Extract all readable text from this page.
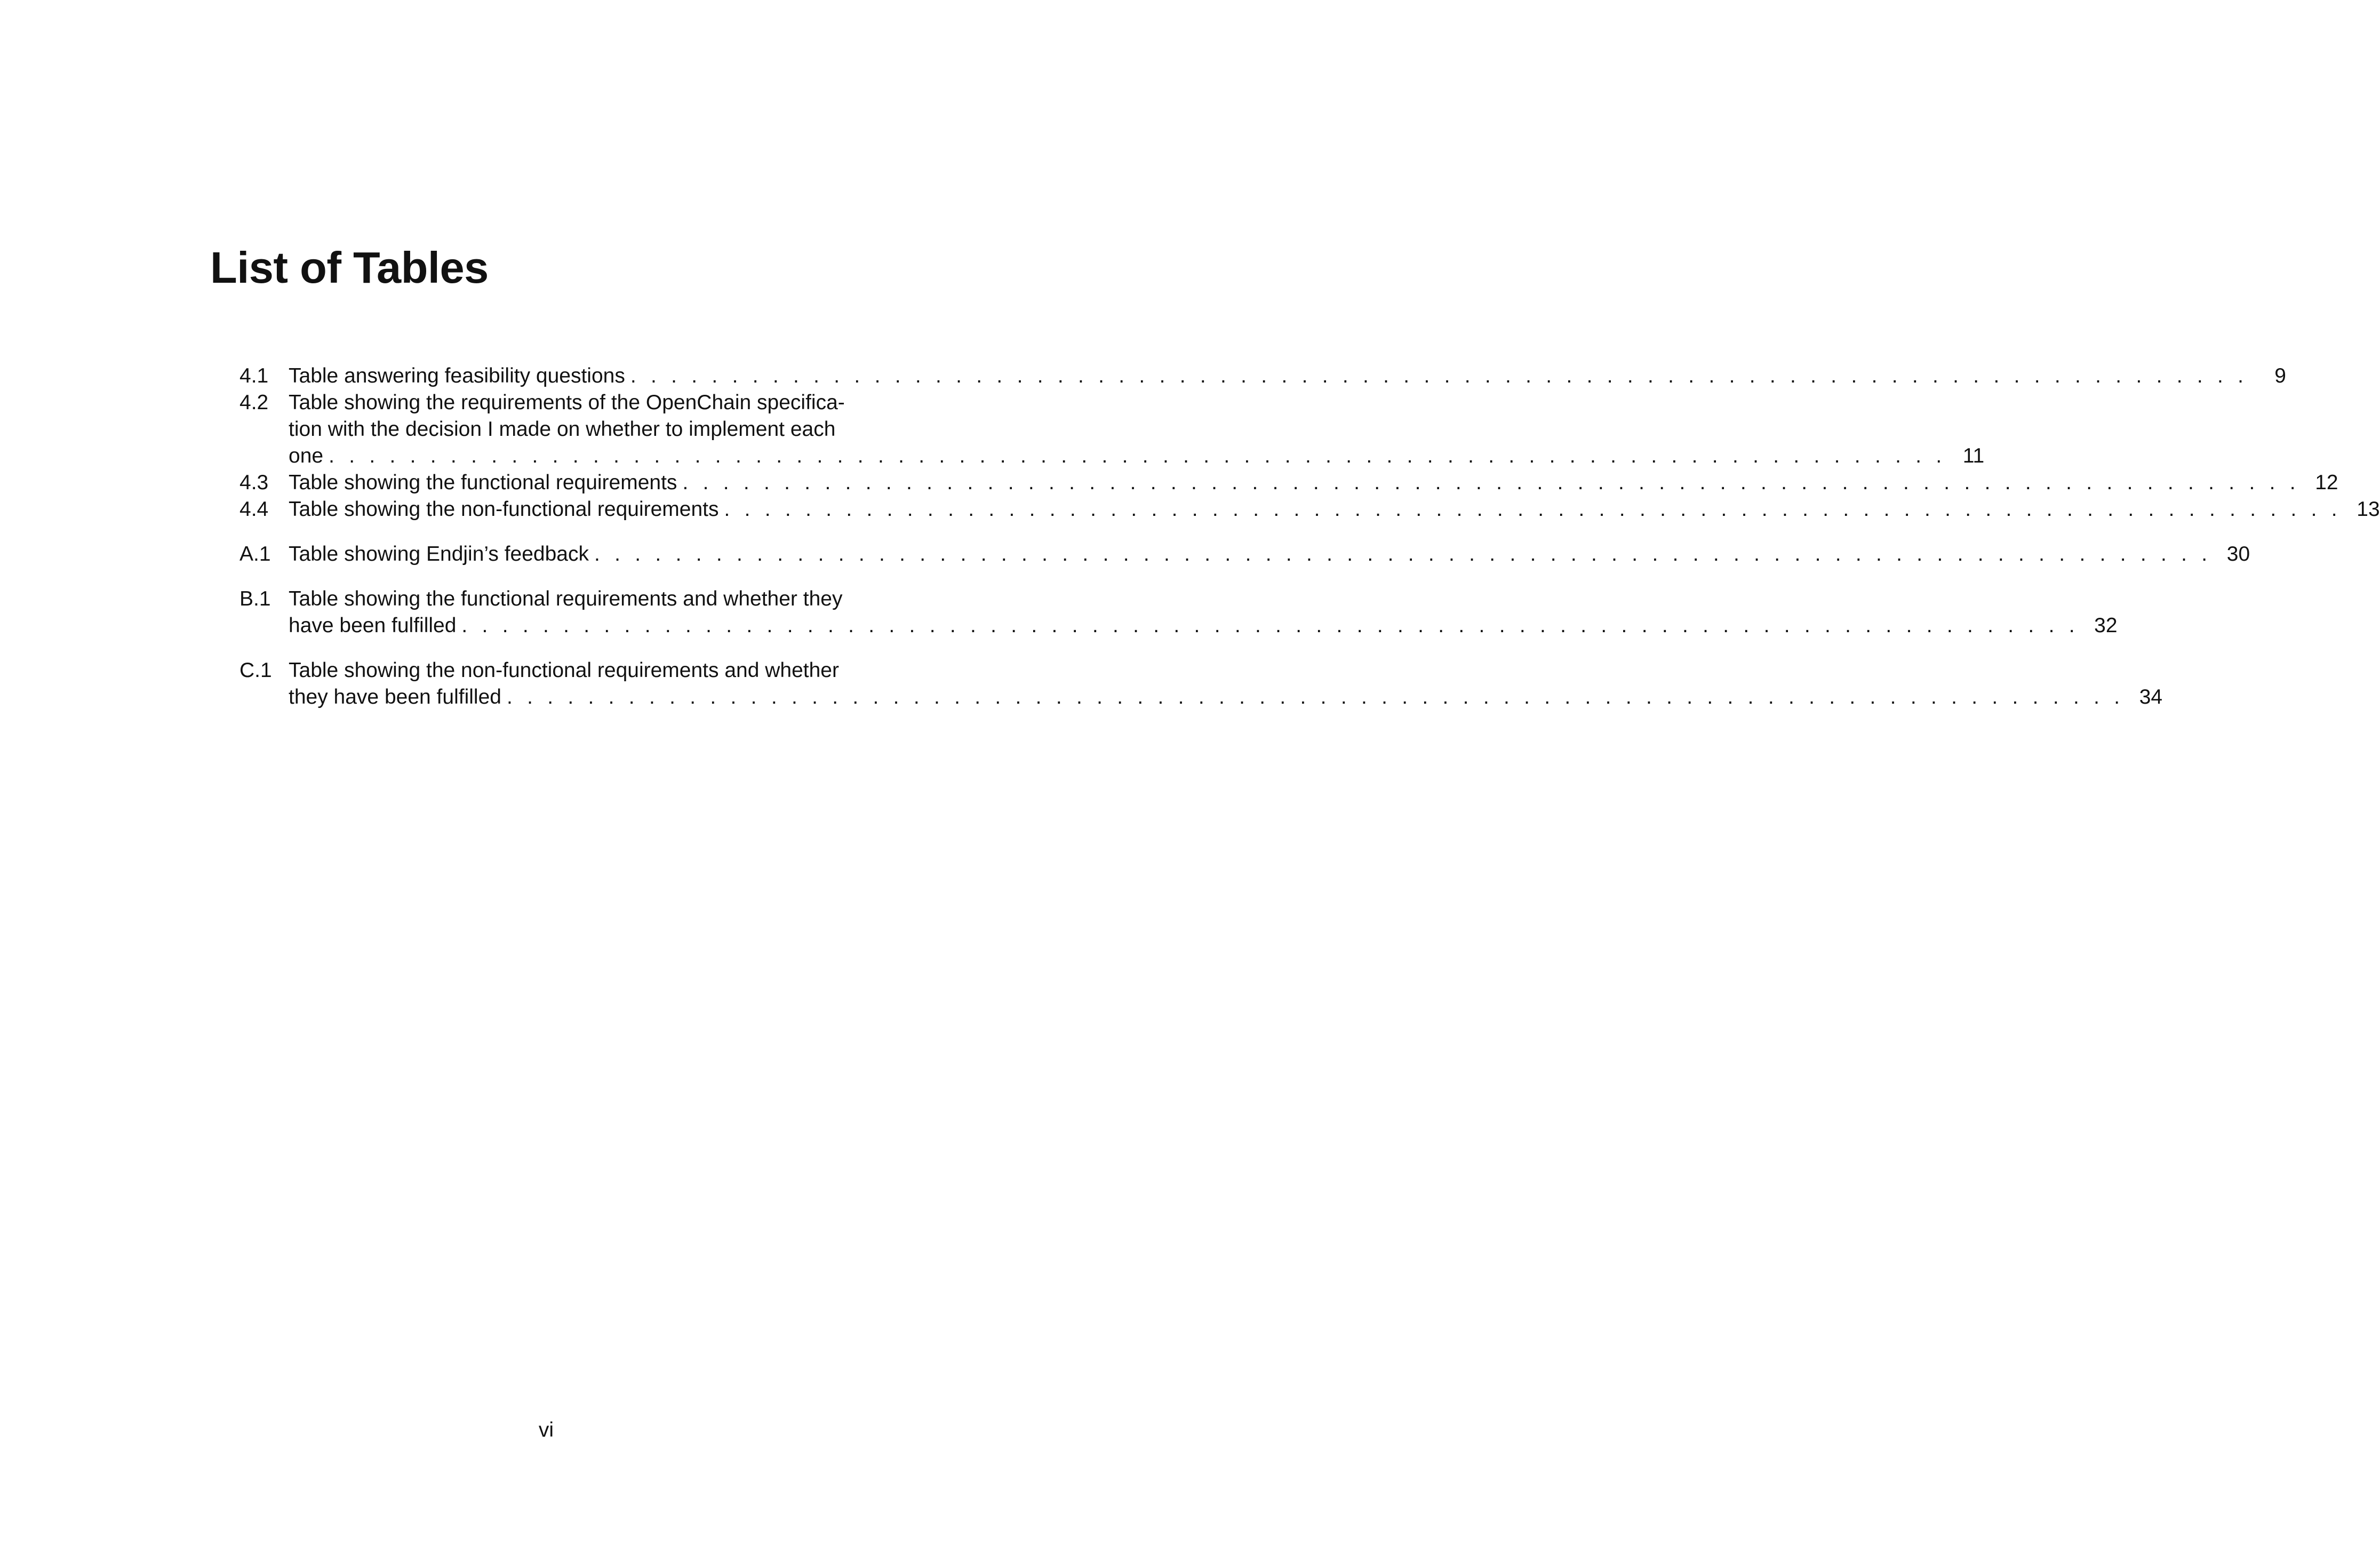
List of Tables
4.1 Table answering feasibility questions .  .  .  .  .  .  .  .  .  .  .  .  .  .  .  .  .  .  .  .  .  .  .  .  .  .  .  .  .  .  .  .  .  .  .  .  .  .  .  .  .  .  .  .  .  .  .  .  .  .  .  .  .  .  .  .  .  .  .  .  .  .  .  .  .  .  .  .  .  .  .  .  .  .  .  .  .  .  .  .	9
4.2 Table showing the requirements of the OpenChain specifica-
tion with the decision I made on whether to implement each
one .  .  .  .  .  .  .  .  .  .  .  .  .  .  .  .  .  .  .  .  .  .  .  .  .  .  .  .  .  .  .  .  .  .  .  .  .  .  .  .  .  .  .  .  .  .  .  .  .  .  .  .  .  .  .  .  .  .  .  .  .  .  .  .  .  .  .  .  .  .  .  .  .  .  .  .  .  .  .  . 11
4.3 Table showing the functional requirements .  .  .  .  .  .  .  .  .  .  .  .  .  .  .  .  .  .  .  .  .  .  .  .  .  .  .  .  .  .  .  .  .  .  .  .  .  .  .  .  .  .  .  .  .  .  .  .  .  .  .  .  .  .  .  .  .  .  .  .  .  .  .  .  .  .  .  .  .  .  .  .  .  .  .  .  .  .  .  . 12
4.4 Table showing the non-functional requirements .  .  .  .  .  .  .  .  .  .  .  .  .  .  .  .  .  .  .  .  .  .  .  .  .  .  .  .  .  .  .  .  .  .  .  .  .  .  .  .  .  .  .  .  .  .  .  .  .  .  .  .  .  .  .  .  .  .  .  .  .  .  .  .  .  .  .  .  .  .  .  .  .  .  .  .  .  .  .  . 13
A.1 Table showing Endjin’s feedback .  .  .  .  .  .  .  .  .  .  .  .  .  .  .  .  .  .  .  .  .  .  .  .  .  .  .  .  .  .  .  .  .  .  .  .  .  .  .  .  .  .  .  .  .  .  .  .  .  .  .  .  .  .  .  .  .  .  .  .  .  .  .  .  .  .  .  .  .  .  .  .  .  .  .  .  .  .  .  . 30
B.1 Table showing the functional requirements and whether they
have been fulfilled .  .  .  .  .  .  .  .  .  .  .  .  .  .  .  .  .  .  .  .  .  .  .  .  .  .  .  .  .  .  .  .  .  .  .  .  .  .  .  .  .  .  .  .  .  .  .  .  .  .  .  .  .  .  .  .  .  .  .  .  .  .  .  .  .  .  .  .  .  .  .  .  .  .  .  .  .  .  .  . 32
C.1 Table showing the non-functional requirements and whether
they have been fulfilled .  .  .  .  .  .  .  .  .  .  .  .  .  .  .  .  .  .  .  .  .  .  .  .  .  .  .  .  .  .  .  .  .  .  .  .  .  .  .  .  .  .  .  .  .  .  .  .  .  .  .  .  .  .  .  .  .  .  .  .  .  .  .  .  .  .  .  .  .  .  .  .  .  .  .  .  .  .  .  . 34
vi
